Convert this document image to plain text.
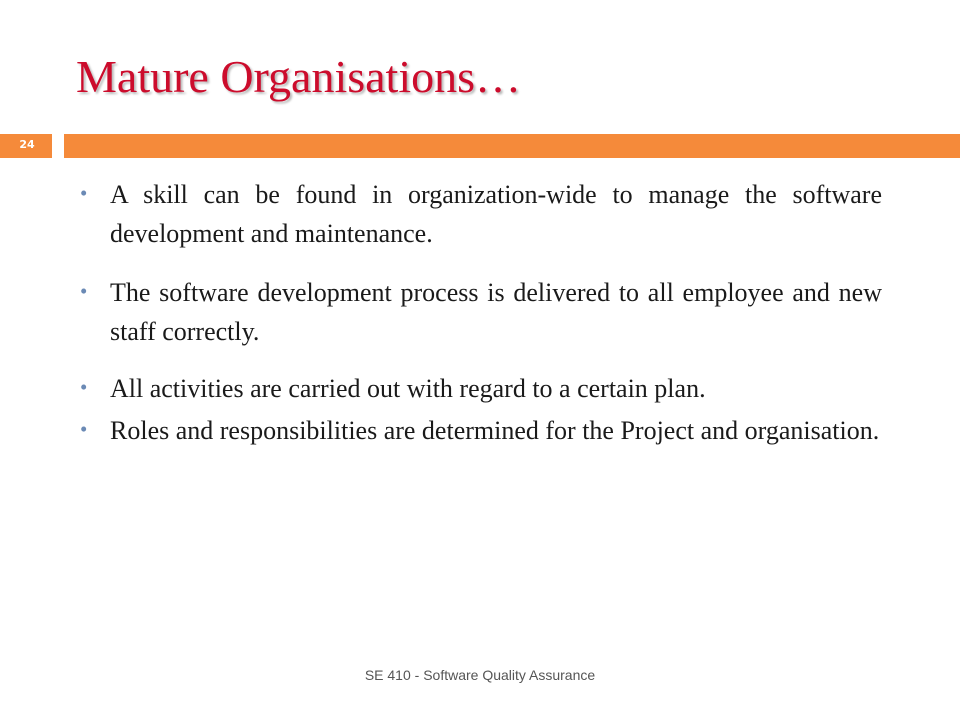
Mature Organisations…
24
• A skill can be found in organization-wide to manage the software development and maintenance.
• The software development process is delivered to all employee and new staff correctly.
• All activities are carried out with regard to a certain plan.
• Roles and responsibilities are determined for the Project and organisation.
SE 410 - Software Quality Assurance
